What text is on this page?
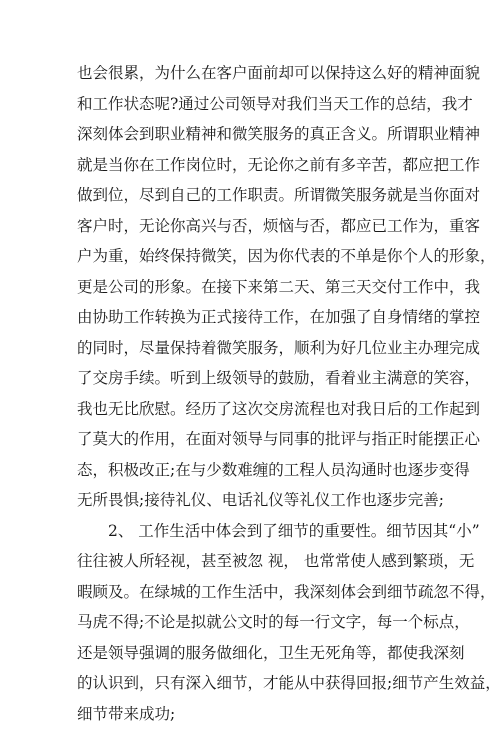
也会很累，为什么在客户面前却可以保持这么好的精神面貌
和工作状态呢?通过公司领导对我们当天工作的总结，我才
深刻体会到职业精神和微笑服务的真正含义。所谓职业精神
就是当你在工作岗位时，无论你之前有多辛苦，都应把工作
做到位，尽到自己的工作职责。所谓微笑服务就是当你面对
客户时，无论你高兴与否，烦恼与否，都应已工作为，重客
户为重，始终保持微笑，因为你代表的不单是你个人的形象，
更是公司的形象。在接下来第二天、第三天交付工作中，我
由协助工作转换为正式接待工作，在加强了自身情绪的掌控
的同时，尽量保持着微笑服务，顺利为好几位业主办理完成
了交房手续。听到上级领导的鼓励，看着业主满意的笑容，
我也无比欣慰。经历了这次交房流程也对我日后的工作起到
了莫大的作用，在面对领导与同事的批评与指正时能摆正心
态，积极改正;在与少数难缠的工程人员沟通时也逐步变得
无所畏惧;接待礼仪、电话礼仪等礼仪工作也逐步完善;
2、 工作生活中体会到了细节的重要性。细节因其“小”
往往被人所轻视，甚至被忽 视， 也常常使人感到繁琐，无
暇顾及。在绿城的工作生活中，我深刻体会到细节疏忽不得，
马虎不得;不论是拟就公文时的每一行文字，每一个标点，
还是领导强调的服务做细化，卫生无死角等，都使我深刻
的认识到，只有深入细节，才能从中获得回报;细节产生效益，
细节带来成功;
